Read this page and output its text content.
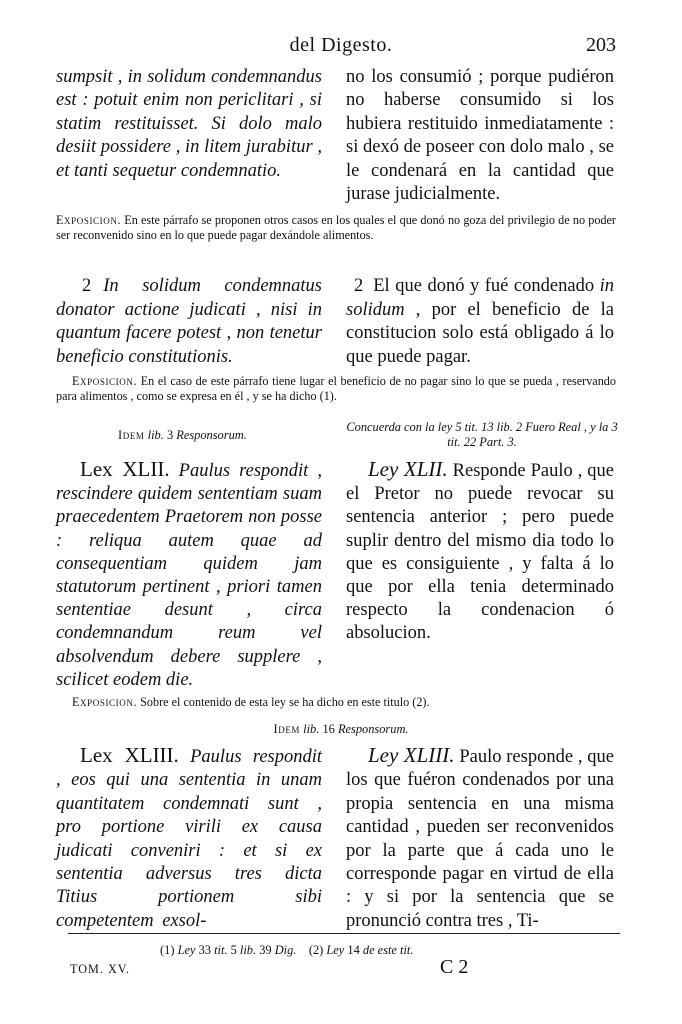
del Digesto.	203

sumpsit , in solidum condemnandus est : potuit enim non periclitari , si statim restituisset. Si dolo malo desiit possidere , in litem jurabitur , et tanti sequetur condemnatio.

no los consumió ; porque pudiéron no haberse consumido si los hubiera restituido inmediatamente : si dexó de poseer con dolo malo , se le condenará en la cantidad que jurase judicialmente.

Exposicion. En este párrafo se proponen otros casos en los quales el que donó no goza del privilegio de no poder ser reconvenido sino en lo que puede pagar dexándole alimentos.

2 In solidum condemnatus donator actione judicati , nisi in quantum facere potest , non tenetur beneficio constitutionis.

2 El que donó y fué condenado in solidum , por el beneficio de la constitucion solo está obligado á lo que puede pagar.

Exposicion. En el caso de este párrafo tiene lugar el beneficio de no pagar sino lo que se pueda , reservando para alimentos , como se expresa en él , y se ha dicho (1).
Idem lib. 3 Responsorum.
Concuerda con la ley 5 tit. 13 lib. 2 Fuero Real , y la 3 tit. 22 Part. 3.

Lex XLII. Paulus respondit , rescindere quidem sententiam suam praecedentem Praetorem non posse : reliqua autem quae ad consequentiam quidem jam statutorum pertinent , priori tamen sententiae desunt , circa condemnandum reum vel absolvendum debere supplere , scilicet eodem die.

Ley XLII. Responde Paulo , que el Pretor no puede revocar su sentencia anterior ; pero puede suplir dentro del mismo dia todo lo que es consiguiente , y falta á lo que por ella tenia determinado respecto la condenacion ó absolucion.

Exposicion. Sobre el contenido de esta ley se ha dicho en este titulo (2).
Idem lib. 16 Responsorum.

Lex XLIII. Paulus respondit , eos qui una sententia in unam quantitatem condemnati sunt , pro portione virili ex causa judicati conveniri : et si ex sententia adversus tres dicta Titius portionem sibi competentem exsol-

Ley XLIII. Paulo responde , que los que fuéron condenados por una propia sentencia en una misma cantidad , pueden ser reconvenidos por la parte que á cada uno le corresponde pagar en virtud de ella : y si por la sentencia que se pronunció contra tres , Ti-

(1) Ley 33 tit. 5 lib. 39 Dig. (2) Ley 14 de este tit.
TOM. XV.	C 2
